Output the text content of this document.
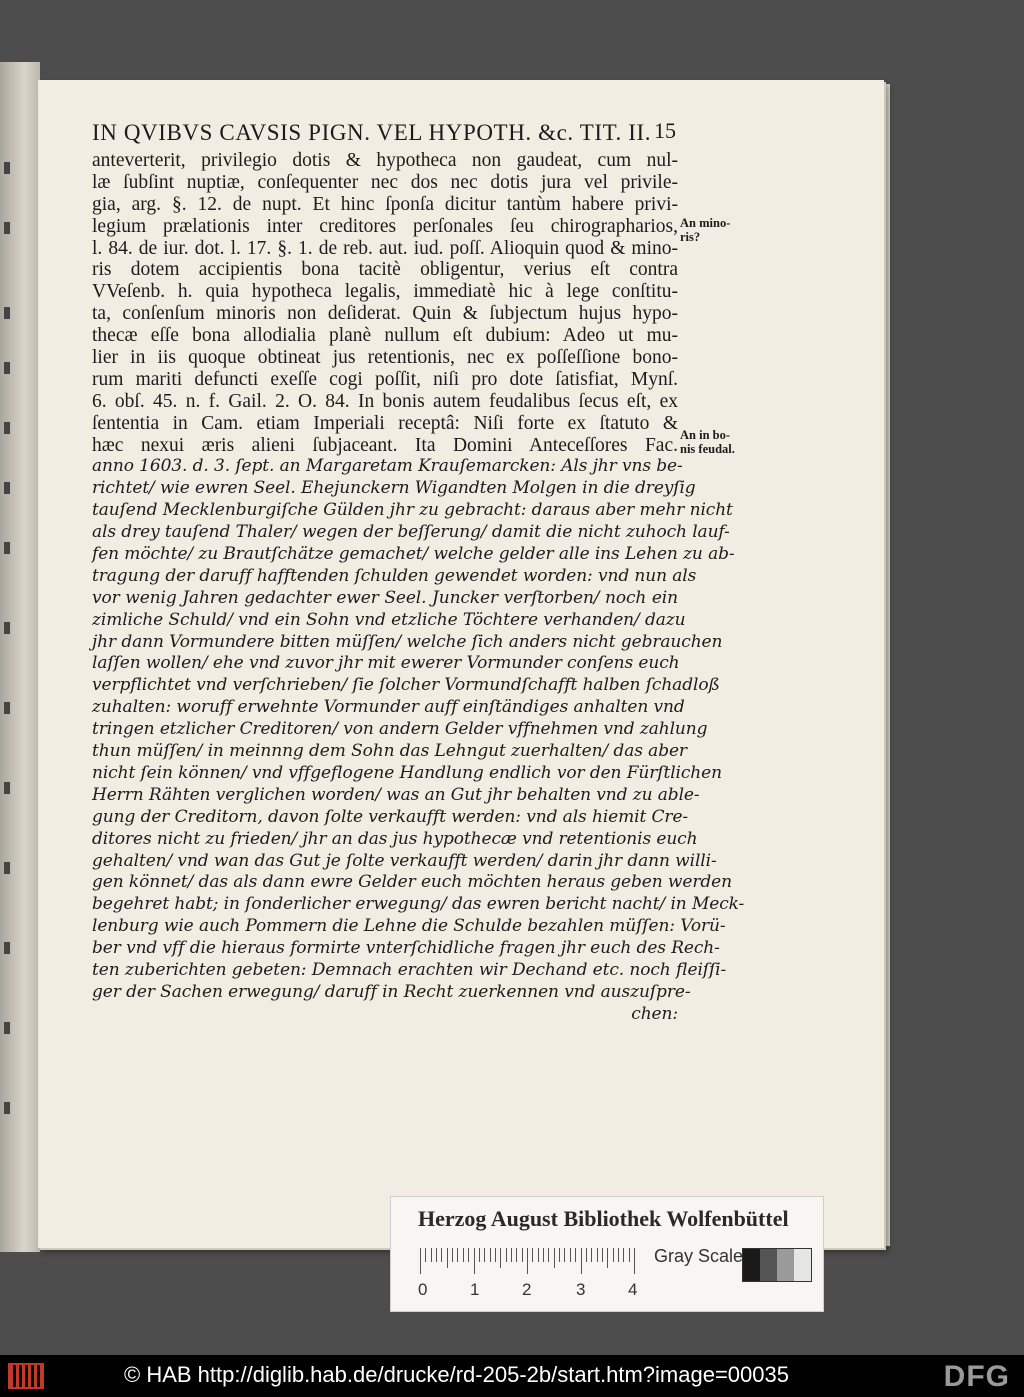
IN QVIBVS CAVSIS PIGN. VEL HYPOTH. &c. TIT. II. 15
anteverterit, privilegio dotis & hypotheca non gaudeat, cum nul-
læ ſubſint nuptiæ, conſequenter nec dos nec dotis jura vel privile-
gia, arg. §. 12. de nupt. Et hinc ſponſa dicitur tantùm habere privi-
legium prælationis inter creditores perſonales ſeu chirographarios,
l. 84. de iur. dot. l. 17. §. 1. de reb. aut. iud. poſſ. Alioquin quod & mino-
ris dotem accipientis bona tacitè obligentur, verius eſt contra
VVeſenb. h. quia hypotheca legalis, immediatè hic à lege conſtitu-
ta, conſenſum minoris non deſiderat. Quin & ſubjectum hujus hypo-
thecæ eſſe bona allodialia planè nullum eſt dubium: Adeo ut mu-
lier in iis quoque obtineat jus retentionis, nec ex poſſeſſione bono-
rum mariti defuncti exeſſe cogi poſſit, niſi pro dote ſatisfiat, Mynſ.
6. obſ. 45. n. f. Gail. 2. O. 84. In bonis autem feudalibus ſecus eſt, ex
ſententia in Cam. etiam Imperiali receptâ: Niſi forte ex ſtatuto &
hæc nexui æris alieni ſubjaceant. Ita Domini Anteceſſores Fac.
anno 1603. d. 3. ſept. an Margaretam Krauſemarcken: Als jhr vns be-
richtet/ wie ewren Seel. Ehejunckern Wigandten Molgen in die dreyſig
tauſend Mecklenburgiſche Gülden jhr zu gebracht: daraus aber mehr nicht
als drey tauſend Thaler/ wegen der beſſerung/ damit die nicht zuhoch lauf-
fen möchte/ zu Brautſchätze gemachet/ welche gelder alle ins Lehen zu ab-
tragung der daruff hafftenden ſchulden gewendet worden: vnd nun als
vor wenig Jahren gedachter ewer Seel. Juncker verſtorben/ noch ein
zimliche Schuld/ vnd ein Sohn vnd etzliche Töchtere verhanden/ dazu
jhr dann Vormundere bitten müſſen/ welche ſich anders nicht gebrauchen
laſſen wollen/ ehe vnd zuvor jhr mit ewerer Vormunder conſens euch
verpflichtet vnd verſchrieben/ ſie ſolcher Vormundſchafft halben ſchadloß
zuhalten: woruff erwehnte Vormunder auff einſtändiges anhalten vnd
tringen etzlicher Creditoren/ von andern Gelder vffnehmen vnd zahlung
thun müſſen/ in meinnng dem Sohn das Lehngut zuerhalten/ das aber
nicht ſein können/ vnd vffgeflogene Handlung endlich vor den Fürſtlichen
Herrn Rähten verglichen worden/ was an Gut jhr behalten vnd zu able-
gung der Creditorn, davon ſolte verkaufft werden: vnd als hiemit Cre-
ditores nicht zu frieden/ jhr an das jus hypothecæ vnd retentionis euch
gehalten/ vnd wan das Gut je ſolte verkaufft werden/ darin jhr dann willi-
gen könnet/ das als dann ewre Gelder euch möchten heraus geben werden
begehret habt; in ſonderlicher erwegung/ das ewren bericht nacht/ in Meck-
lenburg wie auch Pommern die Lehne die Schulde bezahlen müſſen: Vorü-
ber vnd vff die hieraus formirte vnterſchidliche fragen jhr euch des Rech-
ten zuberichten gebeten: Demnach erachten wir Dechand etc. noch fleiſſi-
ger der Sachen erwegung/ daruff in Recht zuerkennen vnd auszuſpre-
chen:
An mino-
ris?
An in bo-
nis feudal.
Herzog August Bibliothek Wolfenbüttel
0	1	2	3	4
Gray Scale
© HAB http://diglib.hab.de/drucke/rd-205-2b/start.htm?image=00035	DFG
